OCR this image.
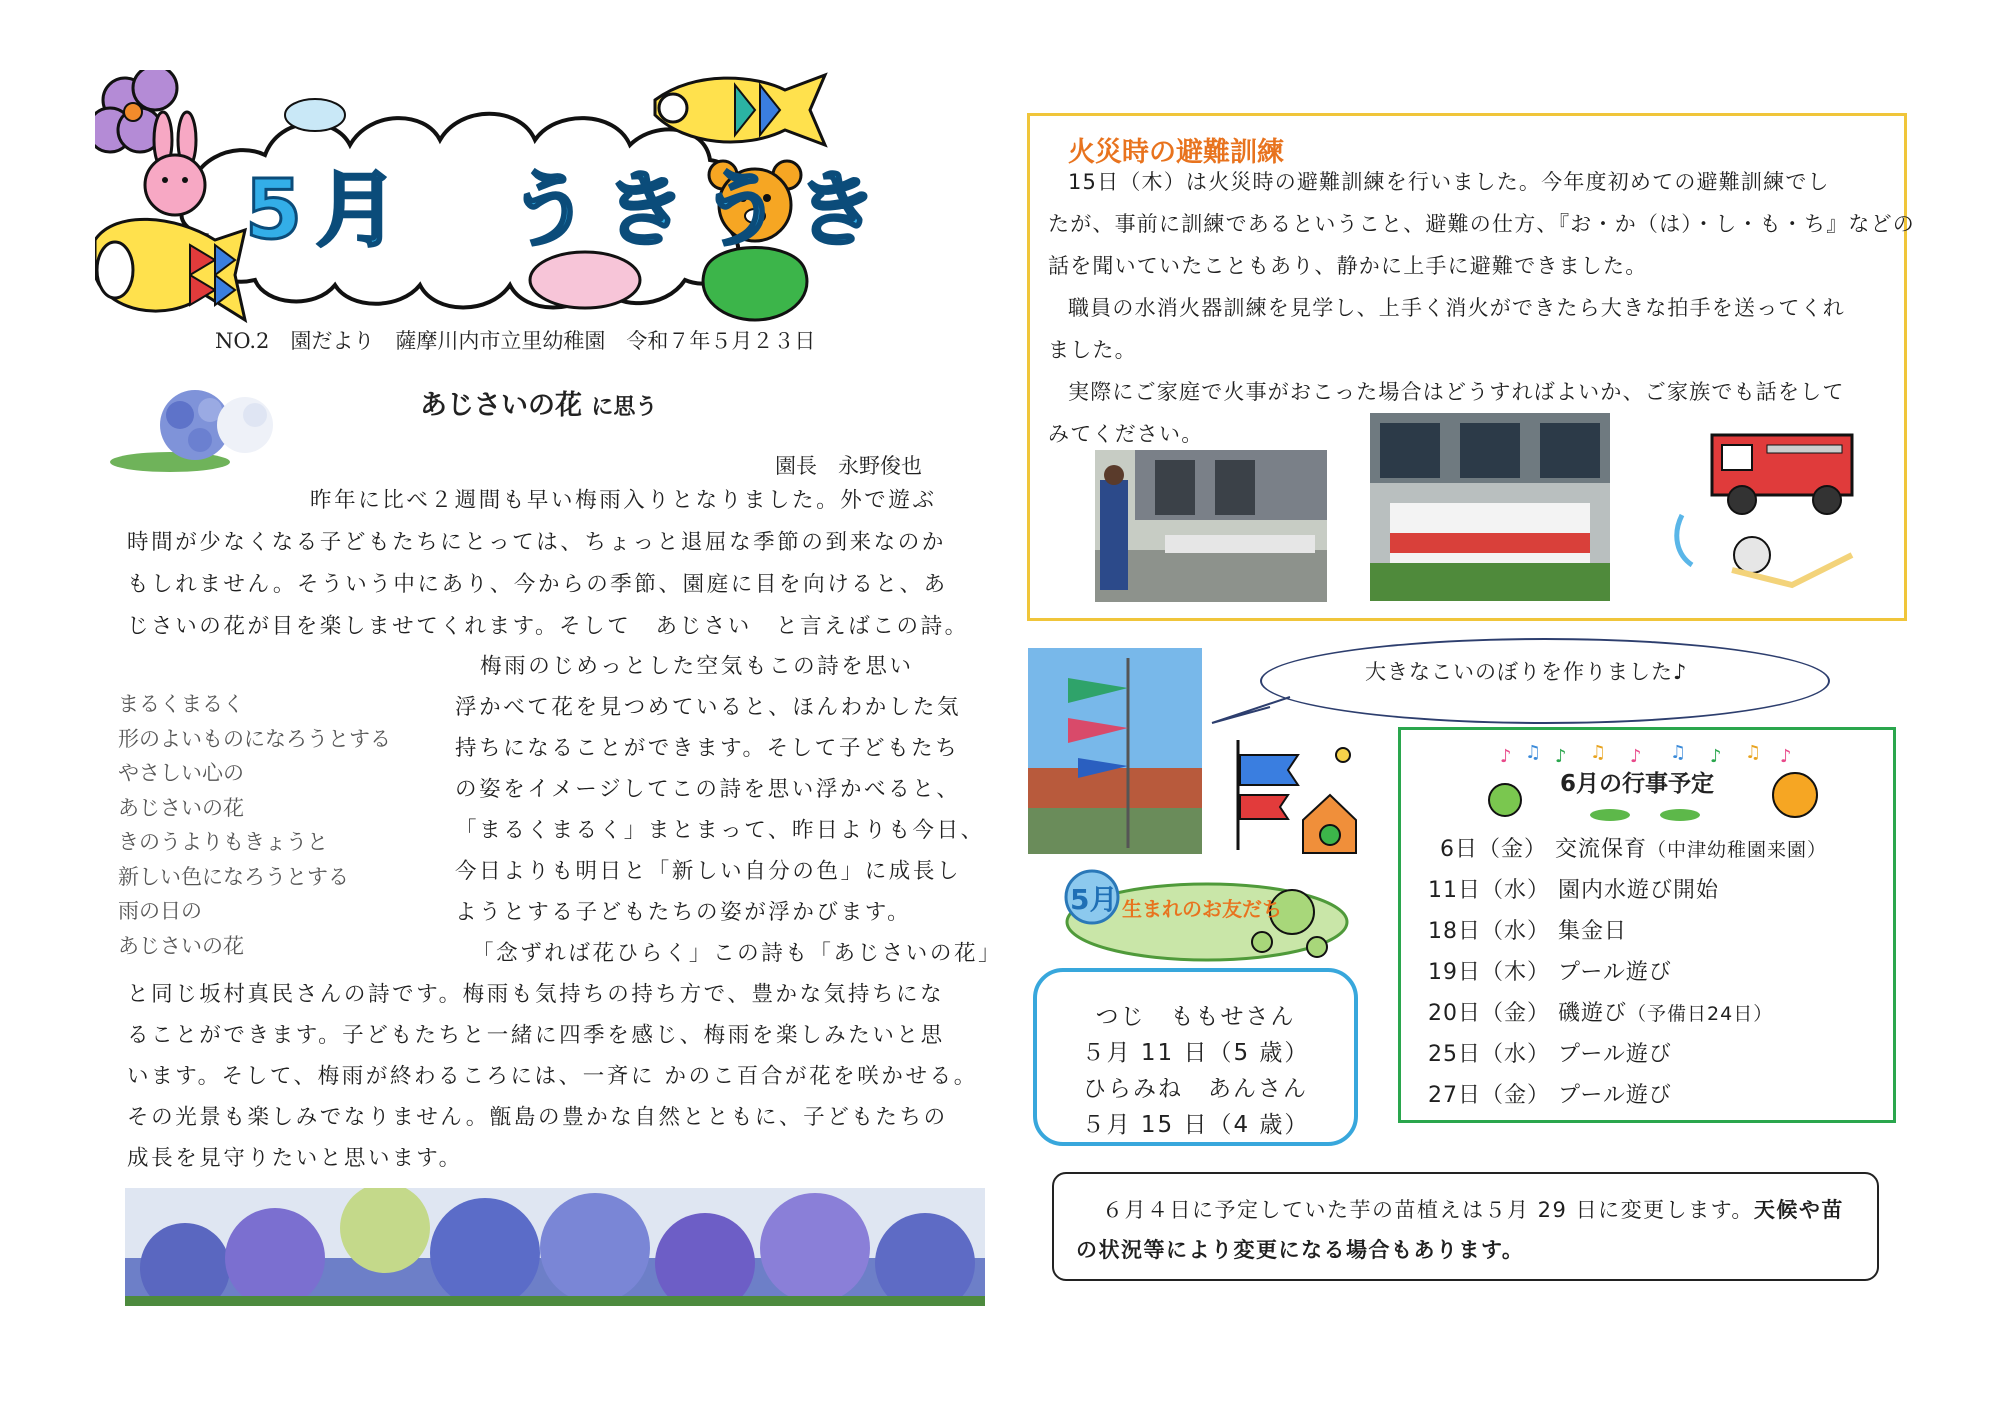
5月　うきうき
NO.2　園だより　薩摩川内市立里幼稚園　令和７年５月２３日
あじさいの花 に思う
園長　永野俊也
昨年に比べ２週間も早い梅雨入りとなりました。外で遊ぶ
時間が少なくなる子どもたちにとっては、ちょっと退屈な季節の到来なのか
もしれません。そういう中にあり、今からの季節、園庭に目を向けると、あ
じさいの花が目を楽しませてくれます。そして　あじさい　と言えばこの詩。
梅雨のじめっとした空気もこの詩を思い
浮かべて花を見つめていると、ほんわかした気
持ちになることができます。そして子どもたち
の姿をイメージしてこの詩を思い浮かべると、
「まるくまるく」まとまって、昨日よりも今日、
今日よりも明日と「新しい自分の色」に成長し
ようとする子どもたちの姿が浮かびます。
「念ずれば花ひらく」この詩も「あじさいの花」
と同じ坂村真民さんの詩です。梅雨も気持ちの持ち方で、豊かな気持ちにな
ることができます。子どもたちと一緒に四季を感じ、梅雨を楽しみたいと思
います。そして、梅雨が終わるころには、一斉に かのこ百合が花を咲かせる。
その光景も楽しみでなりません。甑島の豊かな自然とともに、子どもたちの
成長を見守りたいと思います。
まるくまるく
形のよいものになろうとする
やさしい心の
あじさいの花
きのうよりもきょうと
新しい色になろうとする
雨の日の
あじさいの花
火災時の避難訓練
15日（木）は火災時の避難訓練を行いました。今年度初めての避難訓練でし
たが、事前に訓練であるということ、避難の仕方、『お・か（は）・し・も・ち』などの
話を聞いていたこともあり、静かに上手に避難できました。
職員の水消火器訓練を見学し、上手く消火ができたら大きな拍手を送ってくれ
ました。
実際にご家庭で火事がおこった場合はどうすればよいか、ご家族でも話をして
みてください。
大きなこいのぼりを作りました♪
5月 生まれのお友だち
つじ　ももせさん
５月 11 日（5 歳）
ひらみね　あんさん
５月 15 日（4 歳）
♪ ♫ ♪ ♫ ♪ ♫ ♪ ♫ ♪
6月の行事予定
6日（金） 交流保育（中津幼稚園来園）
11日（水） 園内水遊び開始
18日（水） 集金日
19日（木） プール遊び
20日（金） 磯遊び（予備日24日）
25日（水） プール遊び
27日（金） プール遊び
６月４日に予定していた芋の苗植えは５月 29 日に変更します。天候や苗
の状況等により変更になる場合もあります。
